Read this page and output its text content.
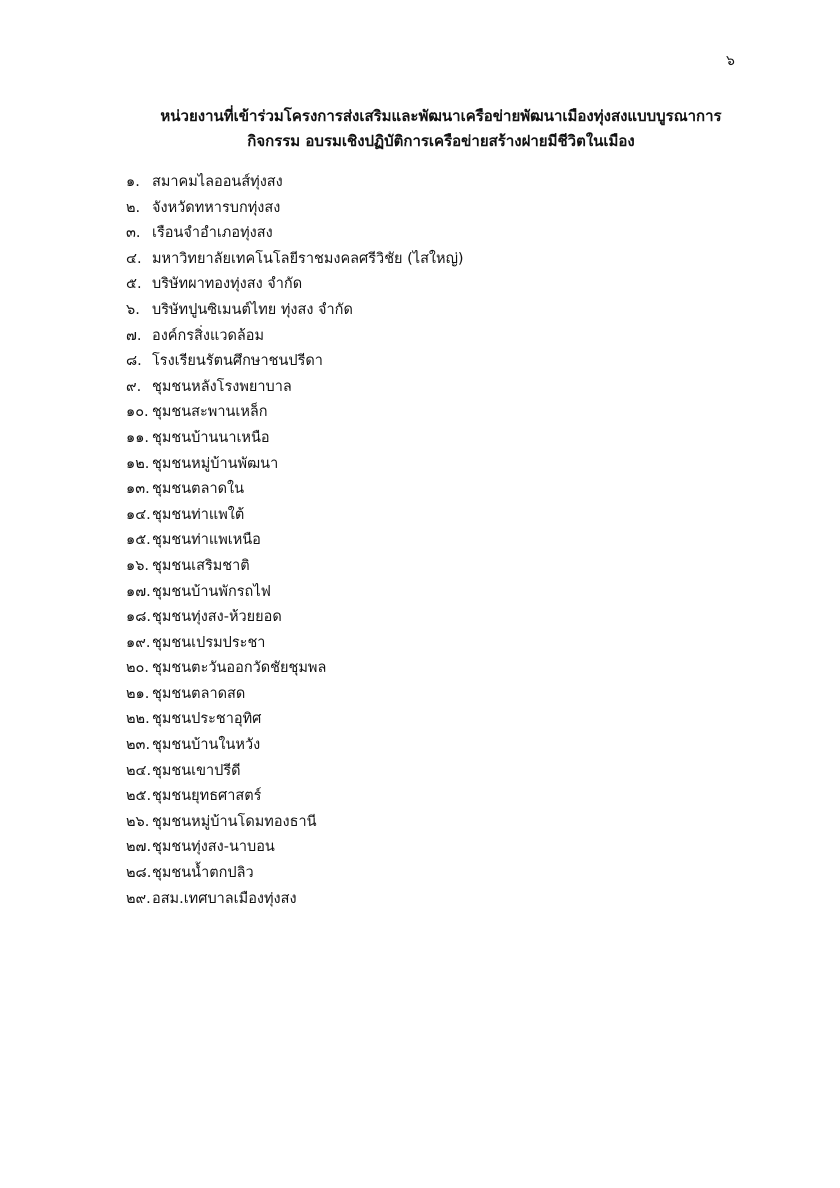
๖
หน่วยงานที่เข้าร่วมโครงการส่งเสริมและพัฒนาเครือข่ายพัฒนาเมืองทุ่งสงแบบบูรณาการ
กิจกรรม อบรมเชิงปฏิบัติการเครือข่ายสร้างฝายมีชีวิตในเมือง
๑. สมาคมไลออนส์ทุ่งสง
๒. จังหวัดทหารบกทุ่งสง
๓. เรือนจำอำเภอทุ่งสง
๔. มหาวิทยาลัยเทคโนโลยีราชมงคลศรีวิชัย (ไสใหญ่)
๕. บริษัทผาทองทุ่งสง จำกัด
๖. บริษัทปูนซิเมนต์ไทย ทุ่งสง จำกัด
๗. องค์กรสิ่งแวดล้อม
๘. โรงเรียนรัตนศึกษาชนปรีดา
๙. ชุมชนหลังโรงพยาบาล
๑๐. ชุมชนสะพานเหล็ก
๑๑. ชุมชนบ้านนาเหนือ
๑๒. ชุมชนหมู่บ้านพัฒนา
๑๓. ชุมชนตลาดใน
๑๔. ชุมชนท่าแพใต้
๑๕. ชุมชนท่าแพเหนือ
๑๖. ชุมชนเสริมชาติ
๑๗. ชุมชนบ้านพักรถไฟ
๑๘. ชุมชนทุ่งสง-ห้วยยอด
๑๙. ชุมชนเปรมประชา
๒๐. ชุมชนตะวันออกวัดชัยชุมพล
๒๑. ชุมชนตลาดสด
๒๒. ชุมชนประชาอุทิศ
๒๓. ชุมชนบ้านในหวัง
๒๔. ชุมชนเขาปรีดี
๒๕. ชุมชนยุทธศาสตร์
๒๖. ชุมชนหมู่บ้านโดมทองธานี
๒๗. ชุมชนทุ่งสง-นาบอน
๒๘. ชุมชนน้ำตกปลิว
๒๙. อสม.เทศบาลเมืองทุ่งสง
